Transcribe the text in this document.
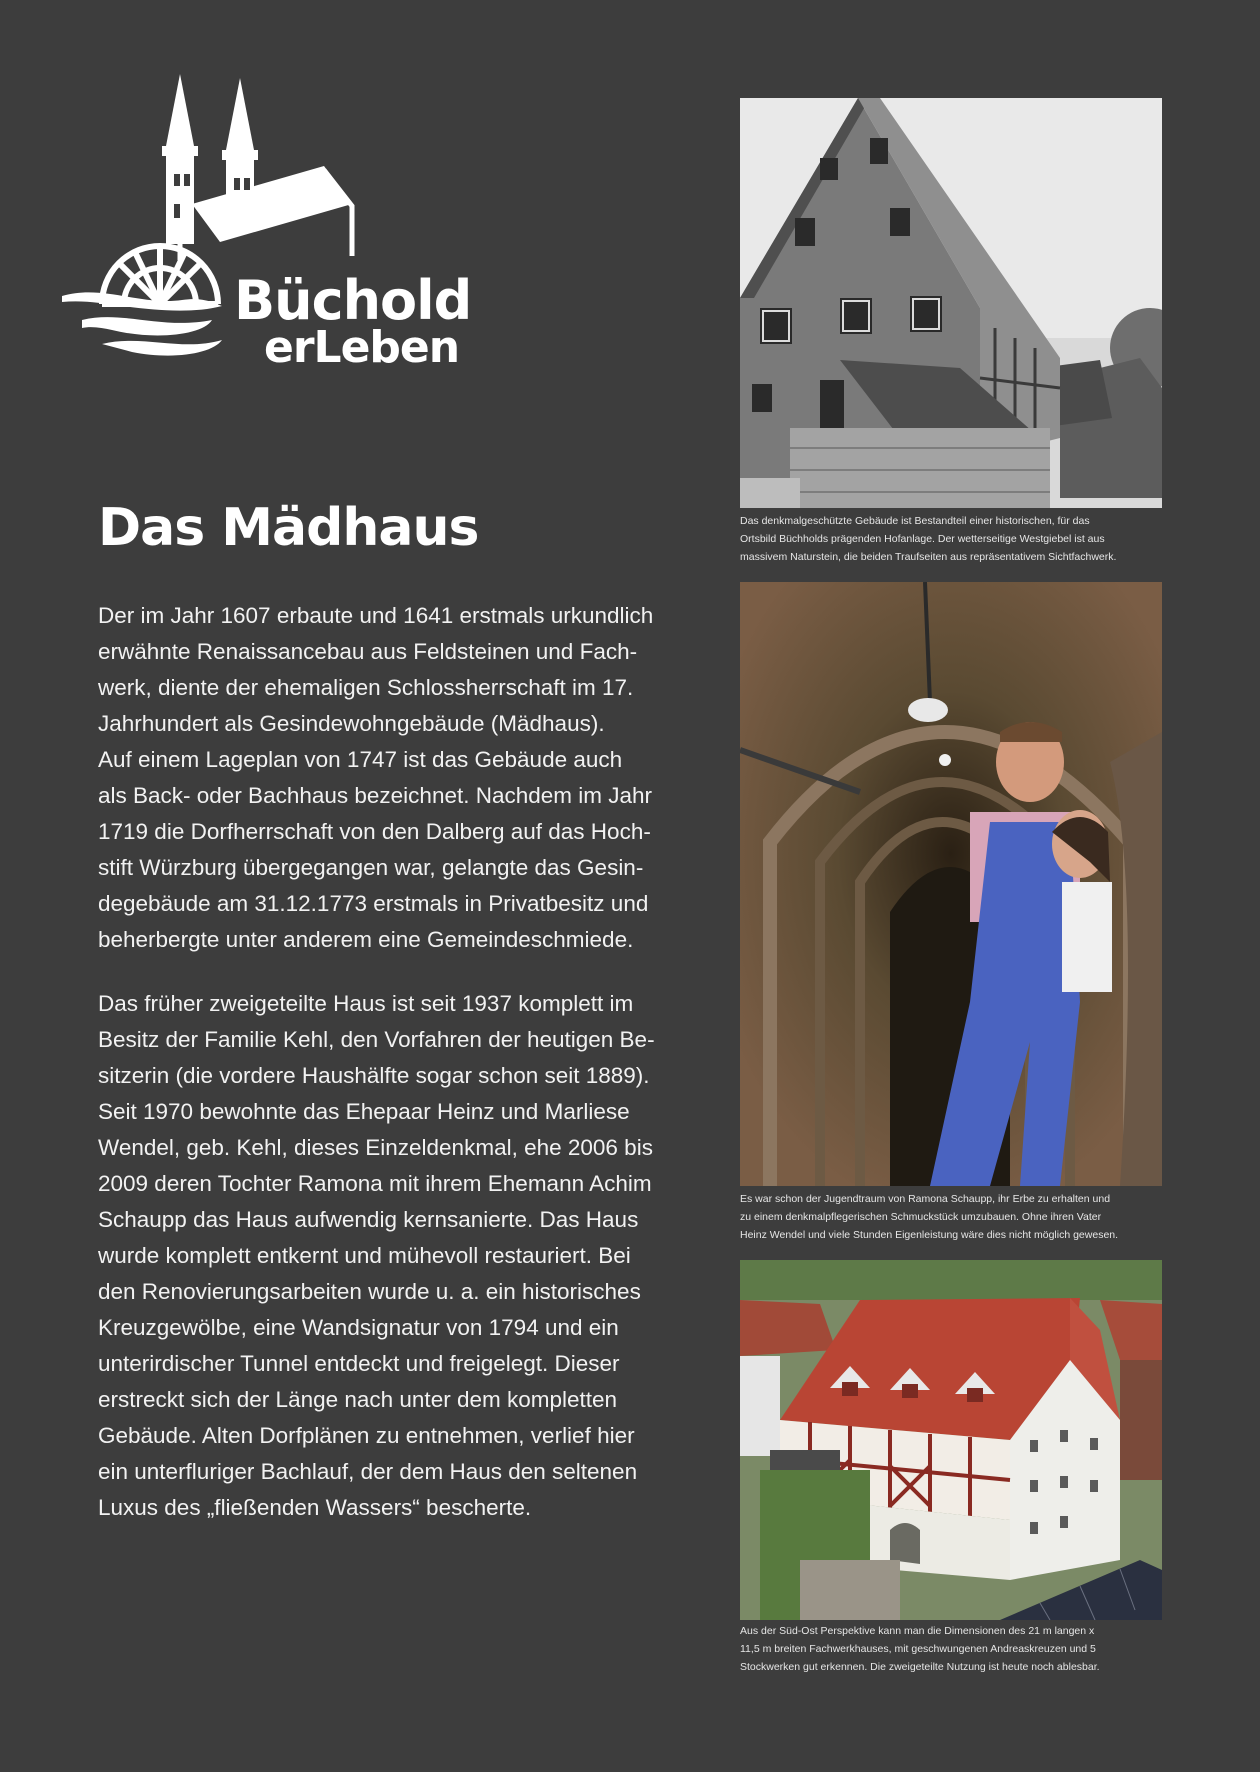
Büchold
erLeben
Das Mädhaus

Der im Jahr 1607 erbaute und 1641 erstmals urkundlich
erwähnte Renaissancebau aus Feldsteinen und Fach-
werk, diente der ehemaligen Schlossherrschaft im 17.
Jahrhundert als Gesindewohngebäude (Mädhaus).
Auf einem Lageplan von 1747 ist das Gebäude auch
als Back- oder Bachhaus bezeichnet. Nachdem im Jahr
1719 die Dorfherrschaft von den Dalberg auf das Hoch-
stift Würzburg übergegangen war, gelangte das Gesin-
degebäude am 31.12.1773 erstmals in Privatbesitz und
beherbergte unter anderem eine Gemeindeschmiede.

Das früher zweigeteilte Haus ist seit 1937 komplett im
Besitz der Familie Kehl, den Vorfahren der heutigen Be-
sitzerin (die vordere Haushälfte sogar schon seit 1889).
Seit 1970 bewohnte das Ehepaar Heinz und Marliese
Wendel, geb. Kehl, dieses Einzeldenkmal, ehe 2006 bis
2009 deren Tochter Ramona mit ihrem Ehemann Achim
Schaupp das Haus aufwendig kernsanierte. Das Haus
wurde komplett entkernt und mühevoll restauriert. Bei
den Renovierungsarbeiten wurde u. a. ein historisches
Kreuzgewölbe, eine Wandsignatur von 1794 und ein
unterirdischer Tunnel entdeckt und freigelegt. Dieser
erstreckt sich der Länge nach unter dem kompletten
Gebäude. Alten Dorfplänen zu entnehmen, verlief hier
ein unterfluriger Bachlauf, der dem Haus den seltenen
Luxus des „fließenden Wassers“ bescherte.

Das denkmalgeschützte Gebäude ist Bestandteil einer historischen, für das
Ortsbild Büchholds prägenden Hofanlage. Der wetterseitige Westgiebel ist aus
massivem Naturstein, die beiden Traufseiten aus repräsentativem Sichtfachwerk.
Es war schon der Jugendtraum von Ramona Schaupp, ihr Erbe zu erhalten und
zu einem denkmalpflegerischen Schmuckstück umzubauen. Ohne ihren Vater
Heinz Wendel und viele Stunden Eigenleistung wäre dies nicht möglich gewesen.
Aus der Süd-Ost Perspektive kann man die Dimensionen des 21 m langen x
11,5 m breiten Fachwerkhauses, mit geschwungenen Andreaskreuzen und 5
Stockwerken gut erkennen. Die zweigeteilte Nutzung ist heute noch ablesbar.
